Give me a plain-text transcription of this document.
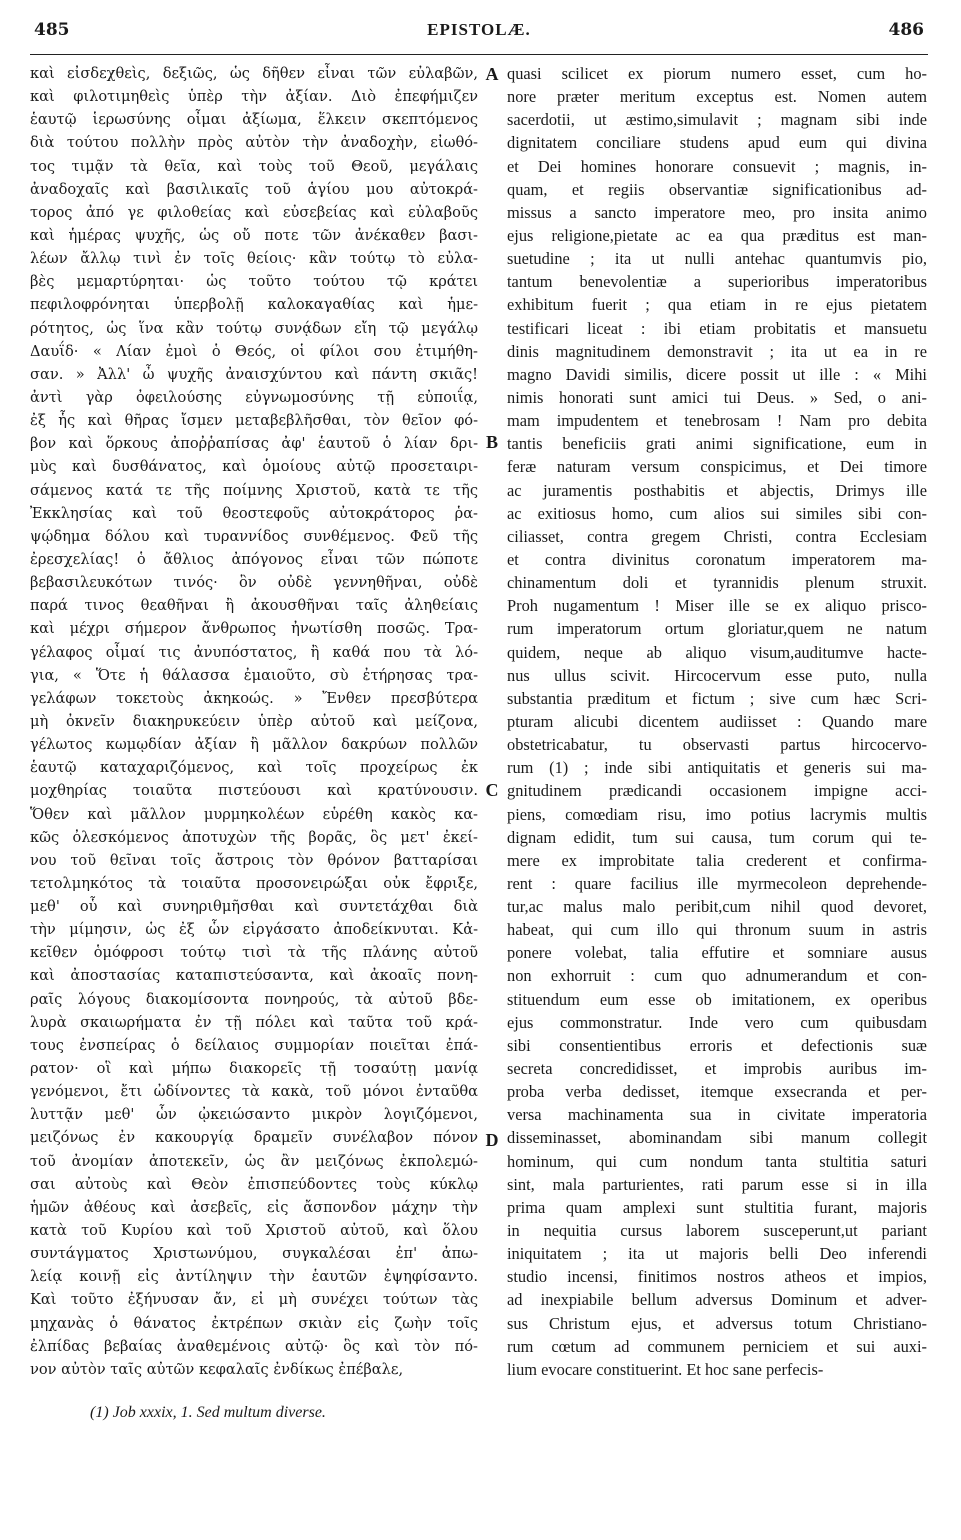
485	EPISTOLÆ.	486
καὶ εἰσδεχθεὶς, δεξιῶς, ὡς δῆθεν εἶναι τῶν εὐλαβῶν,
καὶ φιλοτιμηθεὶς ὑπὲρ τὴν ἀξίαν. Διὸ ἐπεφήμιζεν
ἑαυτῷ ἱερωσύνης οἶμαι ἀξίωμα, ἕλκειν σκεπτόμενος
διὰ τούτου πολλὴν πρὸς αὐτὸν τὴν ἀναδοχὴν, εἰωθό-
τος τιμᾷν τὰ θεῖα, καὶ τοὺς τοῦ Θεοῦ, μεγάλαις
ἀναδοχαῖς καὶ βασιλικαῖς τοῦ ἁγίου μου αὐτοκρά-
τορος ἀπό γε φιλοθείας καὶ εὐσεβείας καὶ εὐλαβοῦς
καὶ ἡμέρας ψυχῆς, ὡς οὔ ποτε τῶν ἀνέκαθεν βασι-
λέων ἄλλῳ τινὶ ἐν τοῖς θείοις· κἂν τούτῳ τὸ εὐλα-
βὲς μεμαρτύρηται· ὡς τοῦτο τούτου τῷ κράτει
πεφιλοφρόνηται ὑπερβολῇ καλοκαγαθίας καὶ ἡμε-
ρότητος, ὡς ἵνα κἂν τούτῳ συνᾴδων εἴη τῷ μεγάλῳ
Δαυΐδ· « Λίαν ἐμοὶ ὁ Θεός, οἱ φίλοι σου ἐτιμήθη-
σαν. » Ἀλλ' ὦ ψυχῆς ἀναισχύντου καὶ πάντη σκιᾶς!
ἀντὶ γὰρ ὀφειλούσης εὐγνωμοσύνης τῇ εὐποιΐᾳ,
ἐξ ἧς καὶ θῆρας ἴσμεν μεταβεβλῆσθαι, τὸν θεῖον φό-
βον καὶ ὅρκους ἀποῤῥαπίσας ἀφ' ἑαυτοῦ ὁ λίαν δρι-
μὺς καὶ δυσθάνατος, καὶ ὁμοίους αὐτῷ προσεταιρι-
σάμενος κατά τε τῆς ποίμνης Χριστοῦ, κατὰ τε τῆς
Ἐκκλησίας καὶ τοῦ θεοστεφοῦς αὐτοκράτορος ῥα-
ψῴδημα δόλου καὶ τυραννίδος συνθέμενος. Φεῦ τῆς
ἐρεσχελίας! ὁ ἄθλιος ἀπόγονος εἶναι τῶν πώποτε
βεβασιλευκότων τινός· ὃν οὐδὲ γεννηθῆναι, οὐδὲ
παρά τινος θεαθῆναι ἢ ἀκουσθῆναι ταῖς ἀληθείαις
καὶ μέχρι σήμερον ἄνθρωπος ἠνωτίσθη ποσῶς. Τρα-
γέλαφος οἶμαί τις ἀνυπόστατος, ἢ καθά που τὰ λό-
για, « Ὅτε ἡ θάλασσα ἐμαιοῦτο, σὺ ἐτήρησας τρα-
γελάφων τοκετοὺς ἀκηκοώς. » Ἔνθεν πρεσβύτερα
μὴ ὀκνεῖν διακηρυκεύειν ὑπὲρ αὐτοῦ καὶ μείζονα,
γέλωτος κωμῳδίαν ἀξίαν ἢ μᾶλλον δακρύων πολλῶν
ἑαυτῷ καταχαριζόμενος, καὶ τοῖς προχείρως ἐκ
μοχθηρίας τοιαῦτα πιστεύουσι καὶ κρατύνουσιν.
Ὅθεν καὶ μᾶλλον μυρμηκολέων εὑρέθη κακὸς κα-
κῶς ὀλεσκόμενος ἀποτυχὼν τῆς βορᾶς, ὃς μετ' ἐκεί-
νου τοῦ θεῖναι τοῖς ἄστροις τὸν θρόνον βατταρίσαι
τετολμηκότος τὰ τοιαῦτα προσονειρώξαι οὐκ ἔφριξε,
μεθ' οὗ καὶ συνηριθμῆσθαι καὶ συντετάχθαι διὰ
τὴν μίμησιν, ὡς ἐξ ὧν εἰργάσατο ἀποδείκνυται. Κἀ-
κεῖθεν ὁμόφροσι τούτῳ τισὶ τὰ τῆς πλάνης αὐτοῦ
καὶ ἀποστασίας καταπιστεύσαντα, καὶ ἀκοαῖς πονη-
ραῖς λόγους διακομίσοντα πονηρούς, τὰ αὐτοῦ βδε-
λυρὰ σκαιωρήματα ἐν τῇ πόλει καὶ ταῦτα τοῦ κρά-
τους ἐνσπείρας ὁ δείλαιος συμμορίαν ποιεῖται ἐπά-
ρατον· οἳ καὶ μήπω διακορεῖς τῇ τοσαύτῃ μανίᾳ
γενόμενοι, ἔτι ὠδίνοντες τὰ κακὰ, τοῦ μόνοι ἐνταῦθα
λυττᾷν μεθ' ὧν ᾠκειώσαντο μικρὸν λογιζόμενοι,
μειζόνως ἐν κακουργίᾳ δραμεῖν συνέλαβον πόνον
τοῦ ἀνομίαν ἀποτεκεῖν, ὡς ἂν μειζόνως ἐκπολεμώ-
σαι αὐτοὺς καὶ Θεὸν ἐπισπεύδοντες τοὺς κύκλῳ
ἡμῶν ἀθέους καὶ ἀσεβεῖς, εἰς ἄσπονδον μάχην τὴν
κατὰ τοῦ Κυρίου καὶ τοῦ Χριστοῦ αὐτοῦ, καὶ ὅλου
συντάγματος Χριστωνύμου, συγκαλέσαι ἐπ' ἀπω-
λείᾳ κοινῇ εἰς ἀντίληψιν τὴν ἑαυτῶν ἐψηφίσαντο.
Καὶ τοῦτο ἐξήνυσαν ἄν, εἰ μὴ συνέχει τούτων τὰς
μηχανὰς ὁ θάνατος ἐκτρέπων σκιὰν εἰς ζωὴν τοῖς
ἐλπίδας βεβαίας ἀναθεμένοις αὐτῷ· ὃς καὶ τὸν πό-
νον αὐτὸν ταῖς αὐτῶν κεφαλαῖς ἐνδίκως ἐπέβαλε,
A
B
C
D
quasi scilicet ex piorum numero esset, cum ho-
nore præter meritum exceptus est. Nomen autem
sacerdotii, ut æstimo,simulavit ; magnam sibi inde
dignitatem conciliare studens apud eum qui divina
et Dei homines honorare consuevit ; magnis, in-
quam, et regiis observantiæ significationibus ad-
missus a sancto imperatore meo, pro insita animo
ejus religione,pietate ac ea qua præditus est man-
suetudine ; ita ut nulli antehac quantumvis pio,
tantum benevolentiæ a superioribus imperatoribus
exhibitum fuerit ; qua etiam in re ejus pietatem
testificari liceat : ibi etiam probitatis et mansuetu
dinis magnitudinem demonstravit ; ita ut ea in re
magno Davidi similis, dicere possit ut ille : « Mihi
nimis honorati sunt amici tui Deus. » Sed, o ani-
mam impudentem et tenebrosam ! Nam pro debita
tantis beneficiis grati animi significatione, eum in
feræ naturam versum conspicimus, et Dei timore
ac juramentis posthabitis et abjectis, Drimys ille
ac exitiosus homo, cum alios sui similes sibi con-
ciliasset, contra gregem Christi, contra Ecclesiam
et contra divinitus coronatum imperatorem ma-
chinamentum doli et tyrannidis plenum struxit.
Proh nugamentum ! Miser ille se ex aliquo prisco-
rum imperatorum ortum gloriatur,quem ne natum
quidem, neque ab aliquo visum,auditumve hacte-
nus ullus scivit. Hircocervum esse puto, nulla
substantia præditum et fictum ; sive cum hæc Scri-
pturam alicubi dicentem audiisset : Quando mare
obstetricabatur, tu observasti partus hircocervo-
rum (1) ; inde sibi antiquitatis et generis sui ma-
gnitudinem prædicandi occasionem impigne acci-
piens, comœdiam risu, imo potius lacrymis multis
dignam edidit, tum sui causa, tum corum qui te-
mere ex improbitate talia crederent et confirma-
rent : quare facilius ille myrmecoleon deprehende-
tur,ac malus malo peribit,cum nihil quod devoret,
habeat, qui cum illo qui thronum suum in astris
ponere volebat, talia effutire et somniare ausus
non exhorruit : cum quo adnumerandum et con-
stituendum eum esse ob imitationem, ex operibus
ejus commonstratur. Inde vero cum quibusdam
sibi consentientibus erroris et defectionis suæ
secreta concredidisset, et improbis auribus im-
proba verba dedisset, itemque exsecranda et per-
versa machinamenta sua in civitate imperatoria
disseminasset, abominandam sibi manum collegit
hominum, qui cum nondum tanta stultitia saturi
sint, mala parturientes, rati parum esse si in illa
prima quam amplexi sunt stultitia furant, majoris
in nequitia cursus laborem susceperunt,ut pariant
iniquitatem ; ita ut majoris belli Deo inferendi
studio incensi, finitimos nostros atheos et impios,
ad inexpiabile bellum adversus Dominum et adver-
sus Christum ejus, et adversus totum Christiano-
rum cœtum ad communem perniciem et sui auxi-
lium evocare constituerint. Et hoc sane perfecis-
(1) Job xxxix, 1. Sed multum diverse.
